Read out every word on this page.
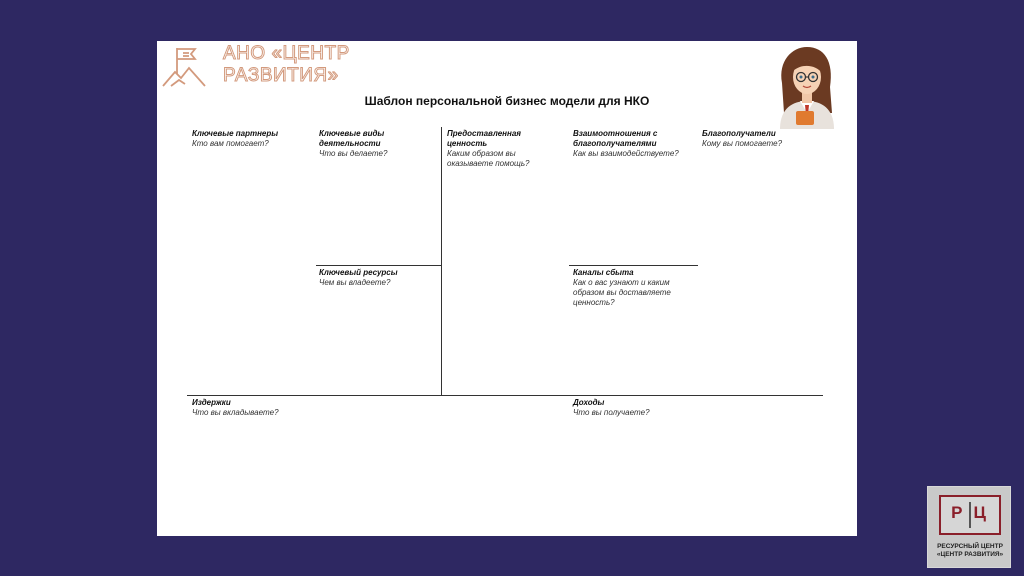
АНО «ЦЕНТР
РАЗВИТИЯ»
Шаблон персональной бизнес модели для НКО
Ключевые партнеры
Кто вам помогает?
Ключевые виды
деятельности
Что вы делаете?
Ключевый ресурсы
Чем вы владеете?
Предоставленная
ценность
Каким образом вы
оказываете помощь?
Взаимоотношения с
благополучателями
Как вы взаимодействуете?
Каналы сбыта
Как о вас узнают и каким
образом вы доставляете
ценность?
Благополучатели
Кому вы помогаете?
Издержки
Что вы вкладываете?
Доходы
Что вы получаете?
Р Ц
РЕСУРСНЫЙ ЦЕНТР
«ЦЕНТР РАЗВИТИЯ»
